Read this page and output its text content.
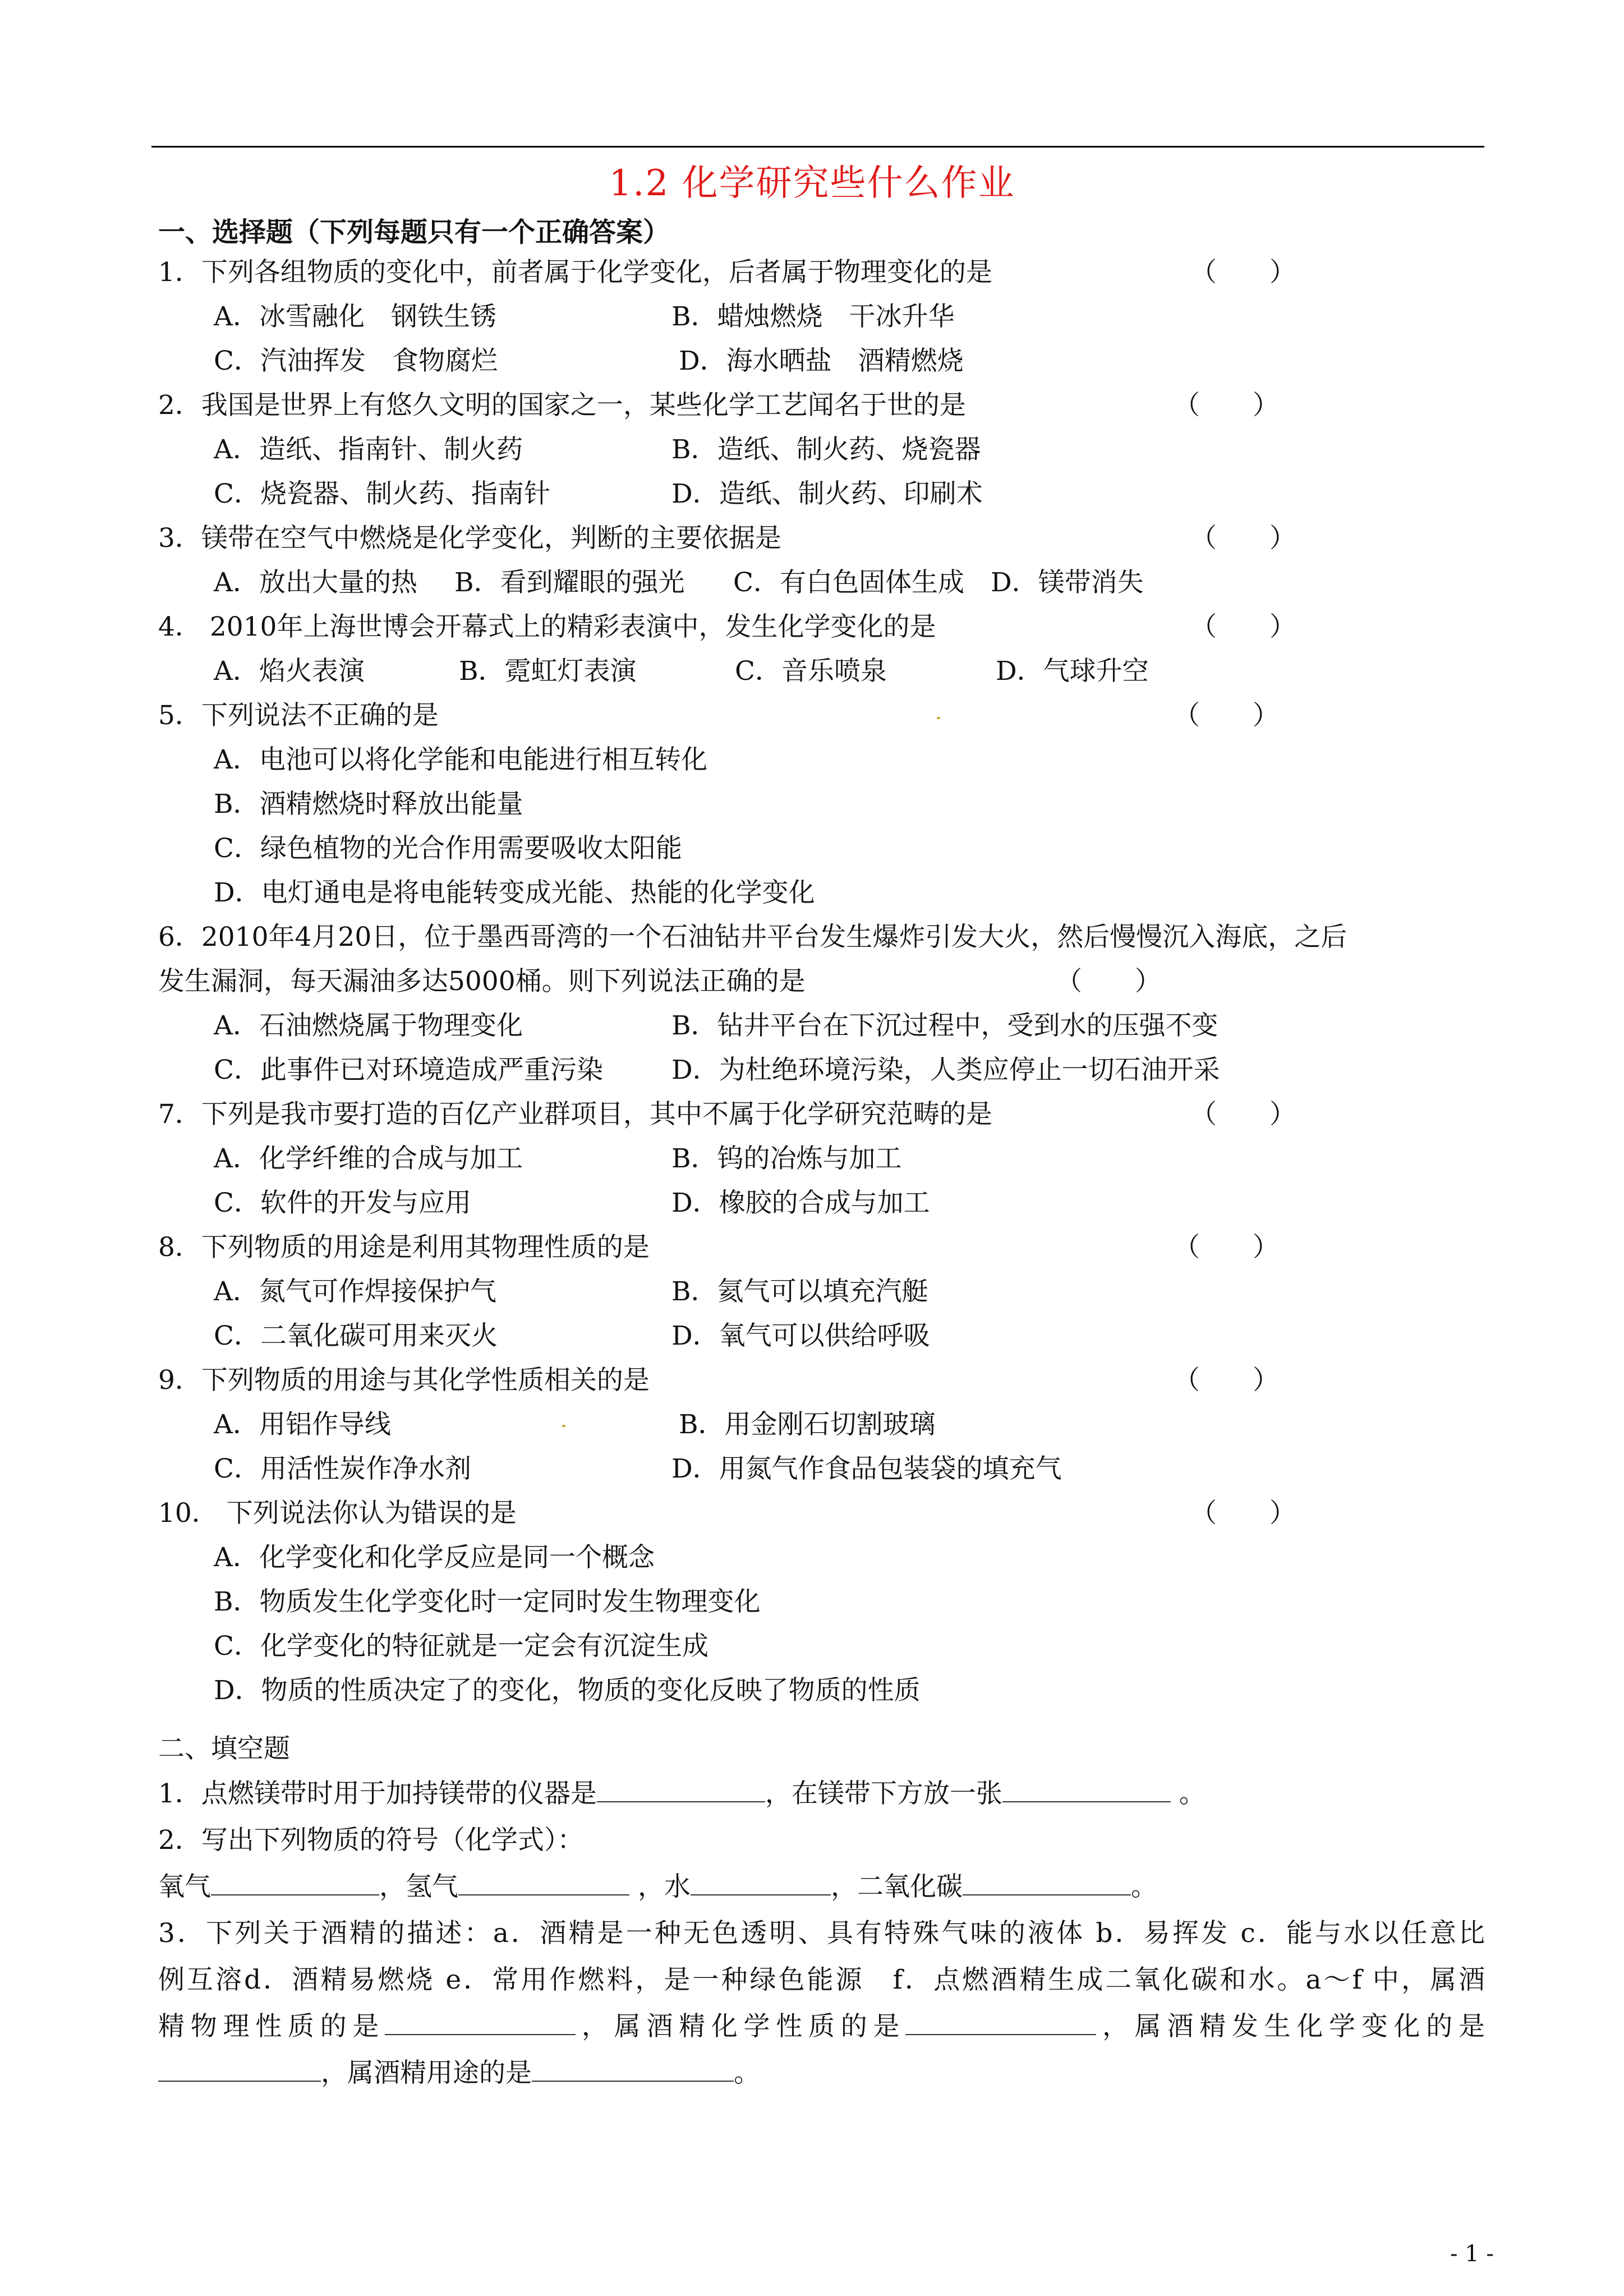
1.2 化学研究些什么作业
一、选择题（下列每题只有一个正确答案）
1．下列各组物质的变化中，前者属于化学变化，后者属于物理变化的是	（　　）
A．冰雪融化　钢铁生锈	B．蜡烛燃烧　干冰升华
C．汽油挥发　食物腐烂	D．海水晒盐　酒精燃烧
2．我国是世界上有悠久文明的国家之一，某些化学工艺闻名于世的是	（　　）
A．造纸、指南针、制火药	B．造纸、制火药、烧瓷器
C．烧瓷器、制火药、指南针	D．造纸、制火药、印刷术
3．镁带在空气中燃烧是化学变化，判断的主要依据是	（　　）
A．放出大量的热 B．看到耀眼的强光 C．有白色固体生成 D．镁带消失
4． 2010年上海世博会开幕式上的精彩表演中，发生化学变化的是	（　　）
A．焰火表演	B．霓虹灯表演	C．音乐喷泉	D．气球升空
5．下列说法不正确的是	（　　）
A．电池可以将化学能和电能进行相互转化
B．酒精燃烧时释放出能量
C．绿色植物的光合作用需要吸收太阳能
D．电灯通电是将电能转变成光能、热能的化学变化
6．2010年4月20日，位于墨西哥湾的一个石油钻井平台发生爆炸引发大火，然后慢慢沉入海底，之后
发生漏洞，每天漏油多达5000桶。则下列说法正确的是	（　　）
A．石油燃烧属于物理变化	B．钻井平台在下沉过程中，受到水的压强不变
C．此事件已对环境造成严重污染	D．为杜绝环境污染，人类应停止一切石油开采
7．下列是我市要打造的百亿产业群项目，其中不属于化学研究范畴的是	（　　）
A．化学纤维的合成与加工	B．钨的冶炼与加工
C．软件的开发与应用	D．橡胶的合成与加工
8．下列物质的用途是利用其物理性质的是	（　　）
A．氮气可作焊接保护气	B．氦气可以填充汽艇
C．二氧化碳可用来灭火	D．氧气可以供给呼吸
9．下列物质的用途与其化学性质相关的是	（　　）
A．用铝作导线	B．用金刚石切割玻璃
C．用活性炭作净水剂	D．用氮气作食品包装袋的填充气
10． 下列说法你认为错误的是	（　　）
A．化学变化和化学反应是同一个概念
B．物质发生化学变化时一定同时发生物理变化
C．化学变化的特征就是一定会有沉淀生成
D．物质的性质决定了的变化，物质的变化反映了物质的性质
二、填空题
1．点燃镁带时用于加持镁带的仪器是	，在镁带下方放一张	。
2．写出下列物质的符号（化学式）：
氧气	，氢气	，水	，二氧化碳	。
3．下列关于酒精的描述：a．酒精是一种无色透明、具有特殊气味的液体 b．易挥发 c．能与水以任意比
例互溶d．酒精易燃烧 e．常用作燃料，是一种绿色能源　f．点燃酒精生成二氧化碳和水。a～f 中，属酒
精物理性质的是	，属酒精化学性质的是	，属酒精发生化学变化的是
，属酒精用途的是	。
- 1 -
